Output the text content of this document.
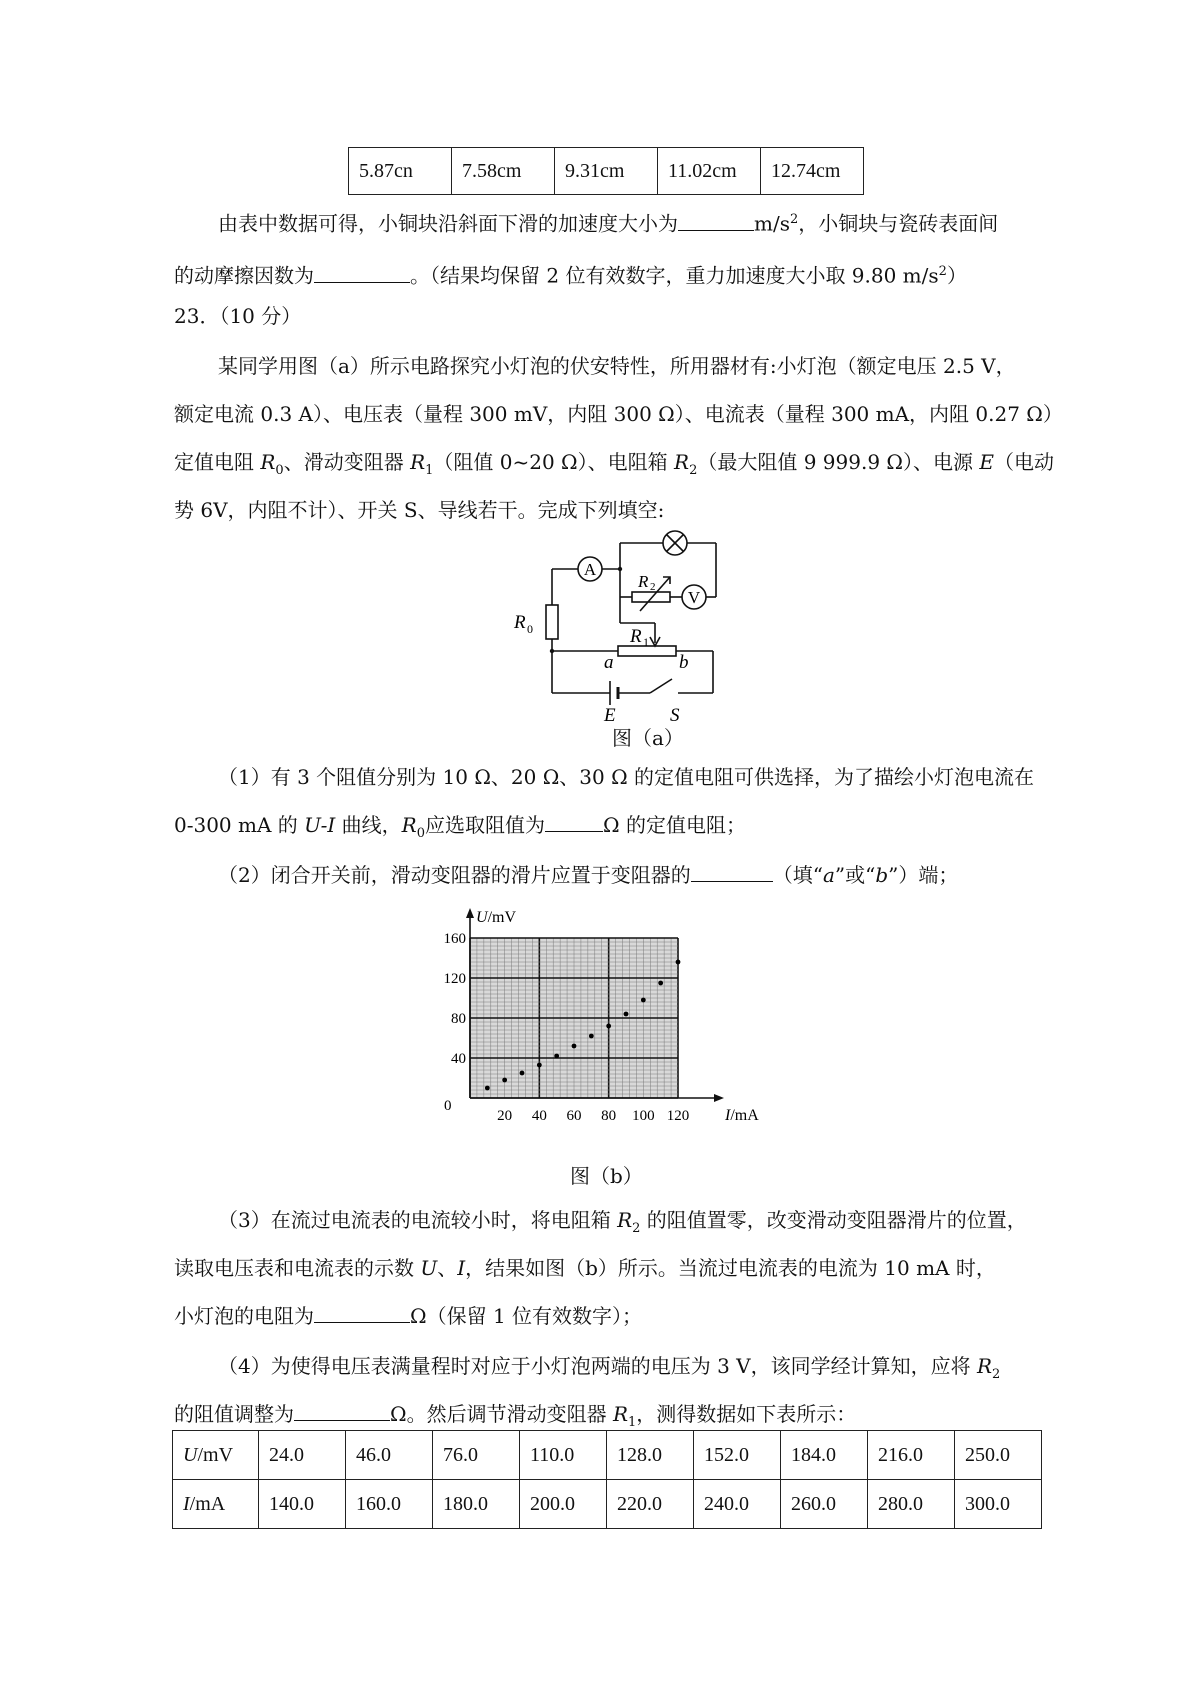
5.87cn	7.58cm	9.31cm	11.02cm	12.74cm
由表中数据可得，小铜块沿斜面下滑的加速度大小为	$m/s^2$，小铜块与瓷砖表面间
的动摩擦因数为	。（结果均保留 2 位有效数字，重力加速度大小取 9.80 $m/s^2$）
23．（10 分）
某同学用图（a）所示电路探究小灯泡的伏安特性，所用器材有:小灯泡（额定电压 2.5 V，
额定电流 0.3 A）、电压表（量程 300 mV，内阻 300 Ω）、电流表（量程 300 mA，内阻 0.27 Ω）
定值电阻 $R_0$、滑动变阻器 $R_1$（阻值 0~20 Ω）、电阻箱 $R_2$（最大阻值 9 999.9 Ω）、电源 E（电动
势 6V，内阻不计）、开关 S、导线若干。完成下列填空:
A
V
R 2
R 0	R 1
a	b
E	S
图（a）
（1）有 3 个阻值分别为 10 Ω、20 Ω、30 Ω 的定值电阻可供选择，为了描绘小灯泡电流在
0-300 mA 的 U-I 曲线，$R_0$应选取阻值为	Ω 的定值电阻；
（2）闭合开关前，滑动变阻器的滑片应置于变阻器的	（填“a”或“b”）端；
0
20 40 60 80 100 120
40
80
120
160
U/mV
I/mA
图（b）
（3）在流过电流表的电流较小时，将电阻箱 $R_2$ 的阻值置零，改变滑动变阻器滑片的位置，
读取电压表和电流表的示数 U、I，结果如图（b）所示。当流过电流表的电流为 10 mA 时，
小灯泡的电阻为	Ω（保留 1 位有效数字）；
（4）为使得电压表满量程时对应于小灯泡两端的电压为 3 V，该同学经计算知，应将 $R_2$
的阻值调整为	Ω。然后调节滑动变阻器 $R_1$，测得数据如下表所示：
U/mV	24.0	46.0	76.0	110.0	128.0	152.0	184.0	216.0	250.0
I/mA	140.0	160.0	180.0	200.0	220.0	240.0	260.0	280.0	300.0
